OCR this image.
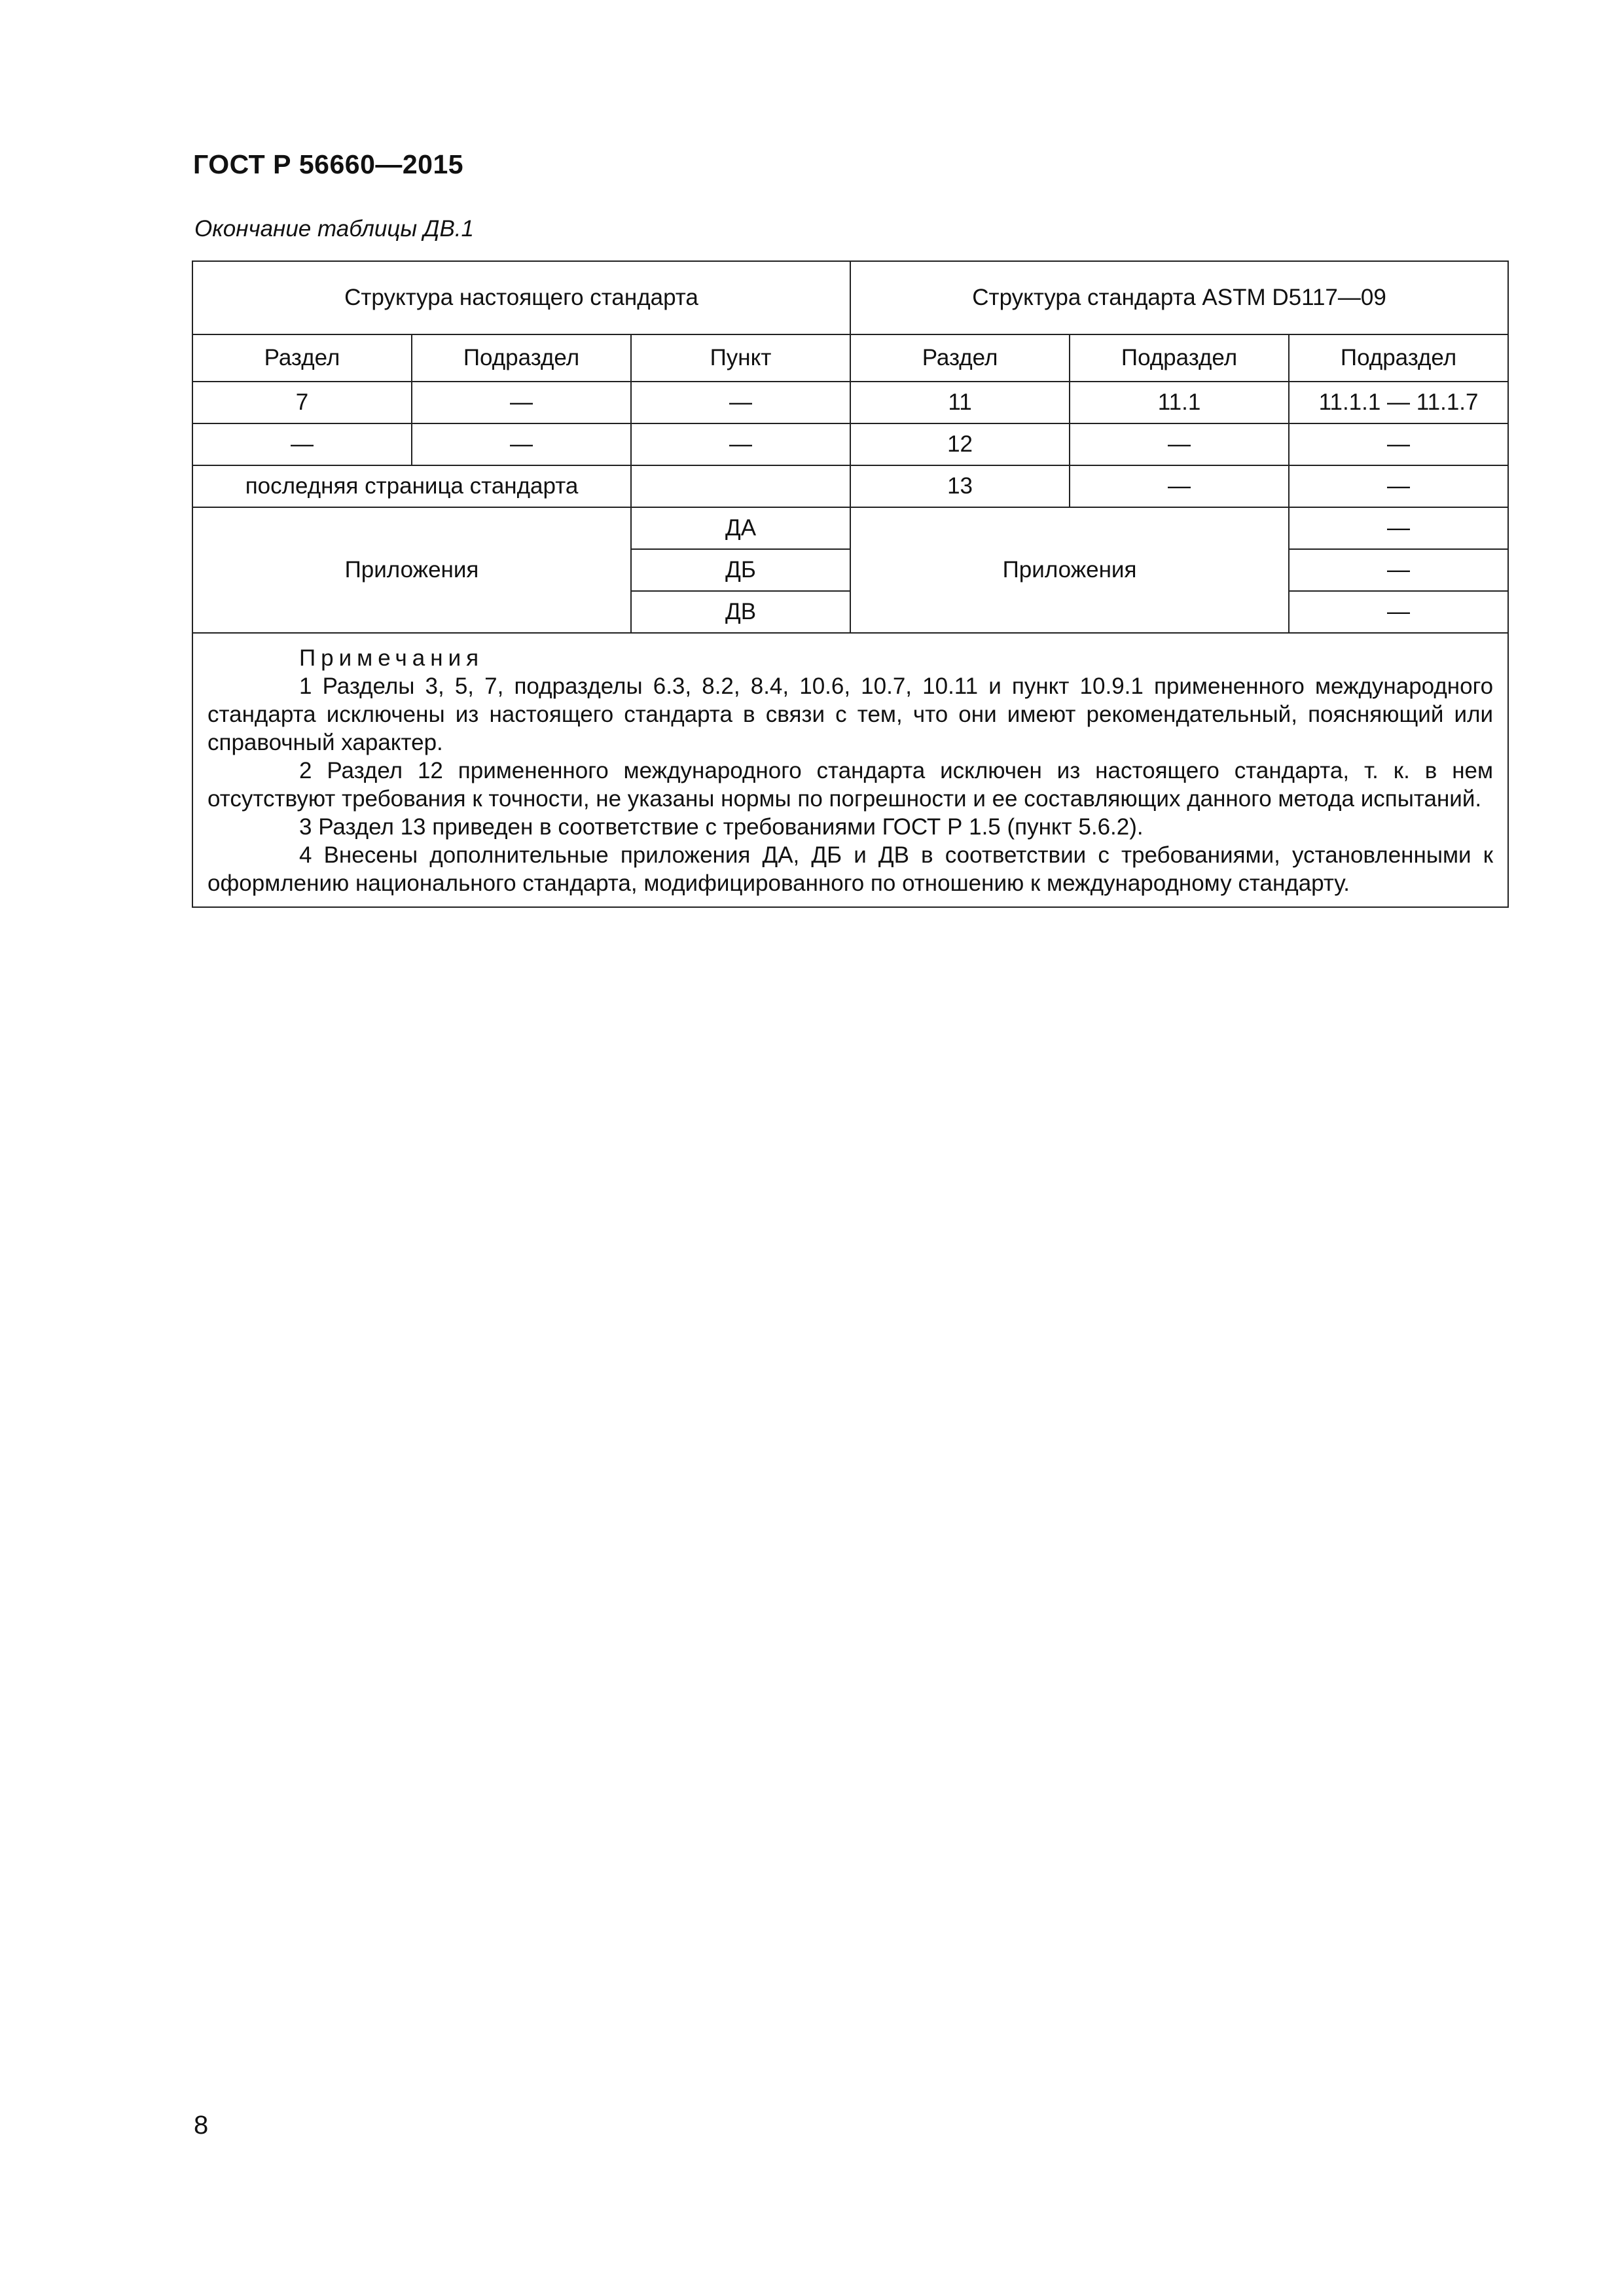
ГОСТ Р 56660—2015
Окончание таблицы ДВ.1
Структура настоящего стандарта			Структура стандарта ASTM D5117—09		
Раздел	Подраздел	Пункт	Раздел	Подраздел	Подраздел
7	—	—	11	11.1	11.1.1 — 11.1.7
—	—	—	12	—	—
последняя страница стандарта			13	—	—
Приложения		ДА	Приложения		—
		ДБ			—
		ДВ			—

Примечания

1 Разделы 3, 5, 7, подразделы 6.3, 8.2, 8.4, 10.6, 10.7, 10.11 и пункт 10.9.1 примененного международного стандарта исключены из настоящего стандарта в связи с тем, что они имеют рекомендательный, поясняющий или справочный характер.

2 Раздел 12 примененного международного стандарта исключен из настоящего стандарта, т. к. в нем отсутствуют требования к точности, не указаны нормы по погрешности и ее составляющих данного метода испытаний.

3 Раздел 13 приведен в соответствие с требованиями ГОСТ Р 1.5 (пункт 5.6.2).

4 Внесены дополнительные приложения ДА, ДБ и ДВ в соответствии с требованиями, установленными к оформлению национального стандарта, модифицированного по отношению к международному стандарту.					

8
